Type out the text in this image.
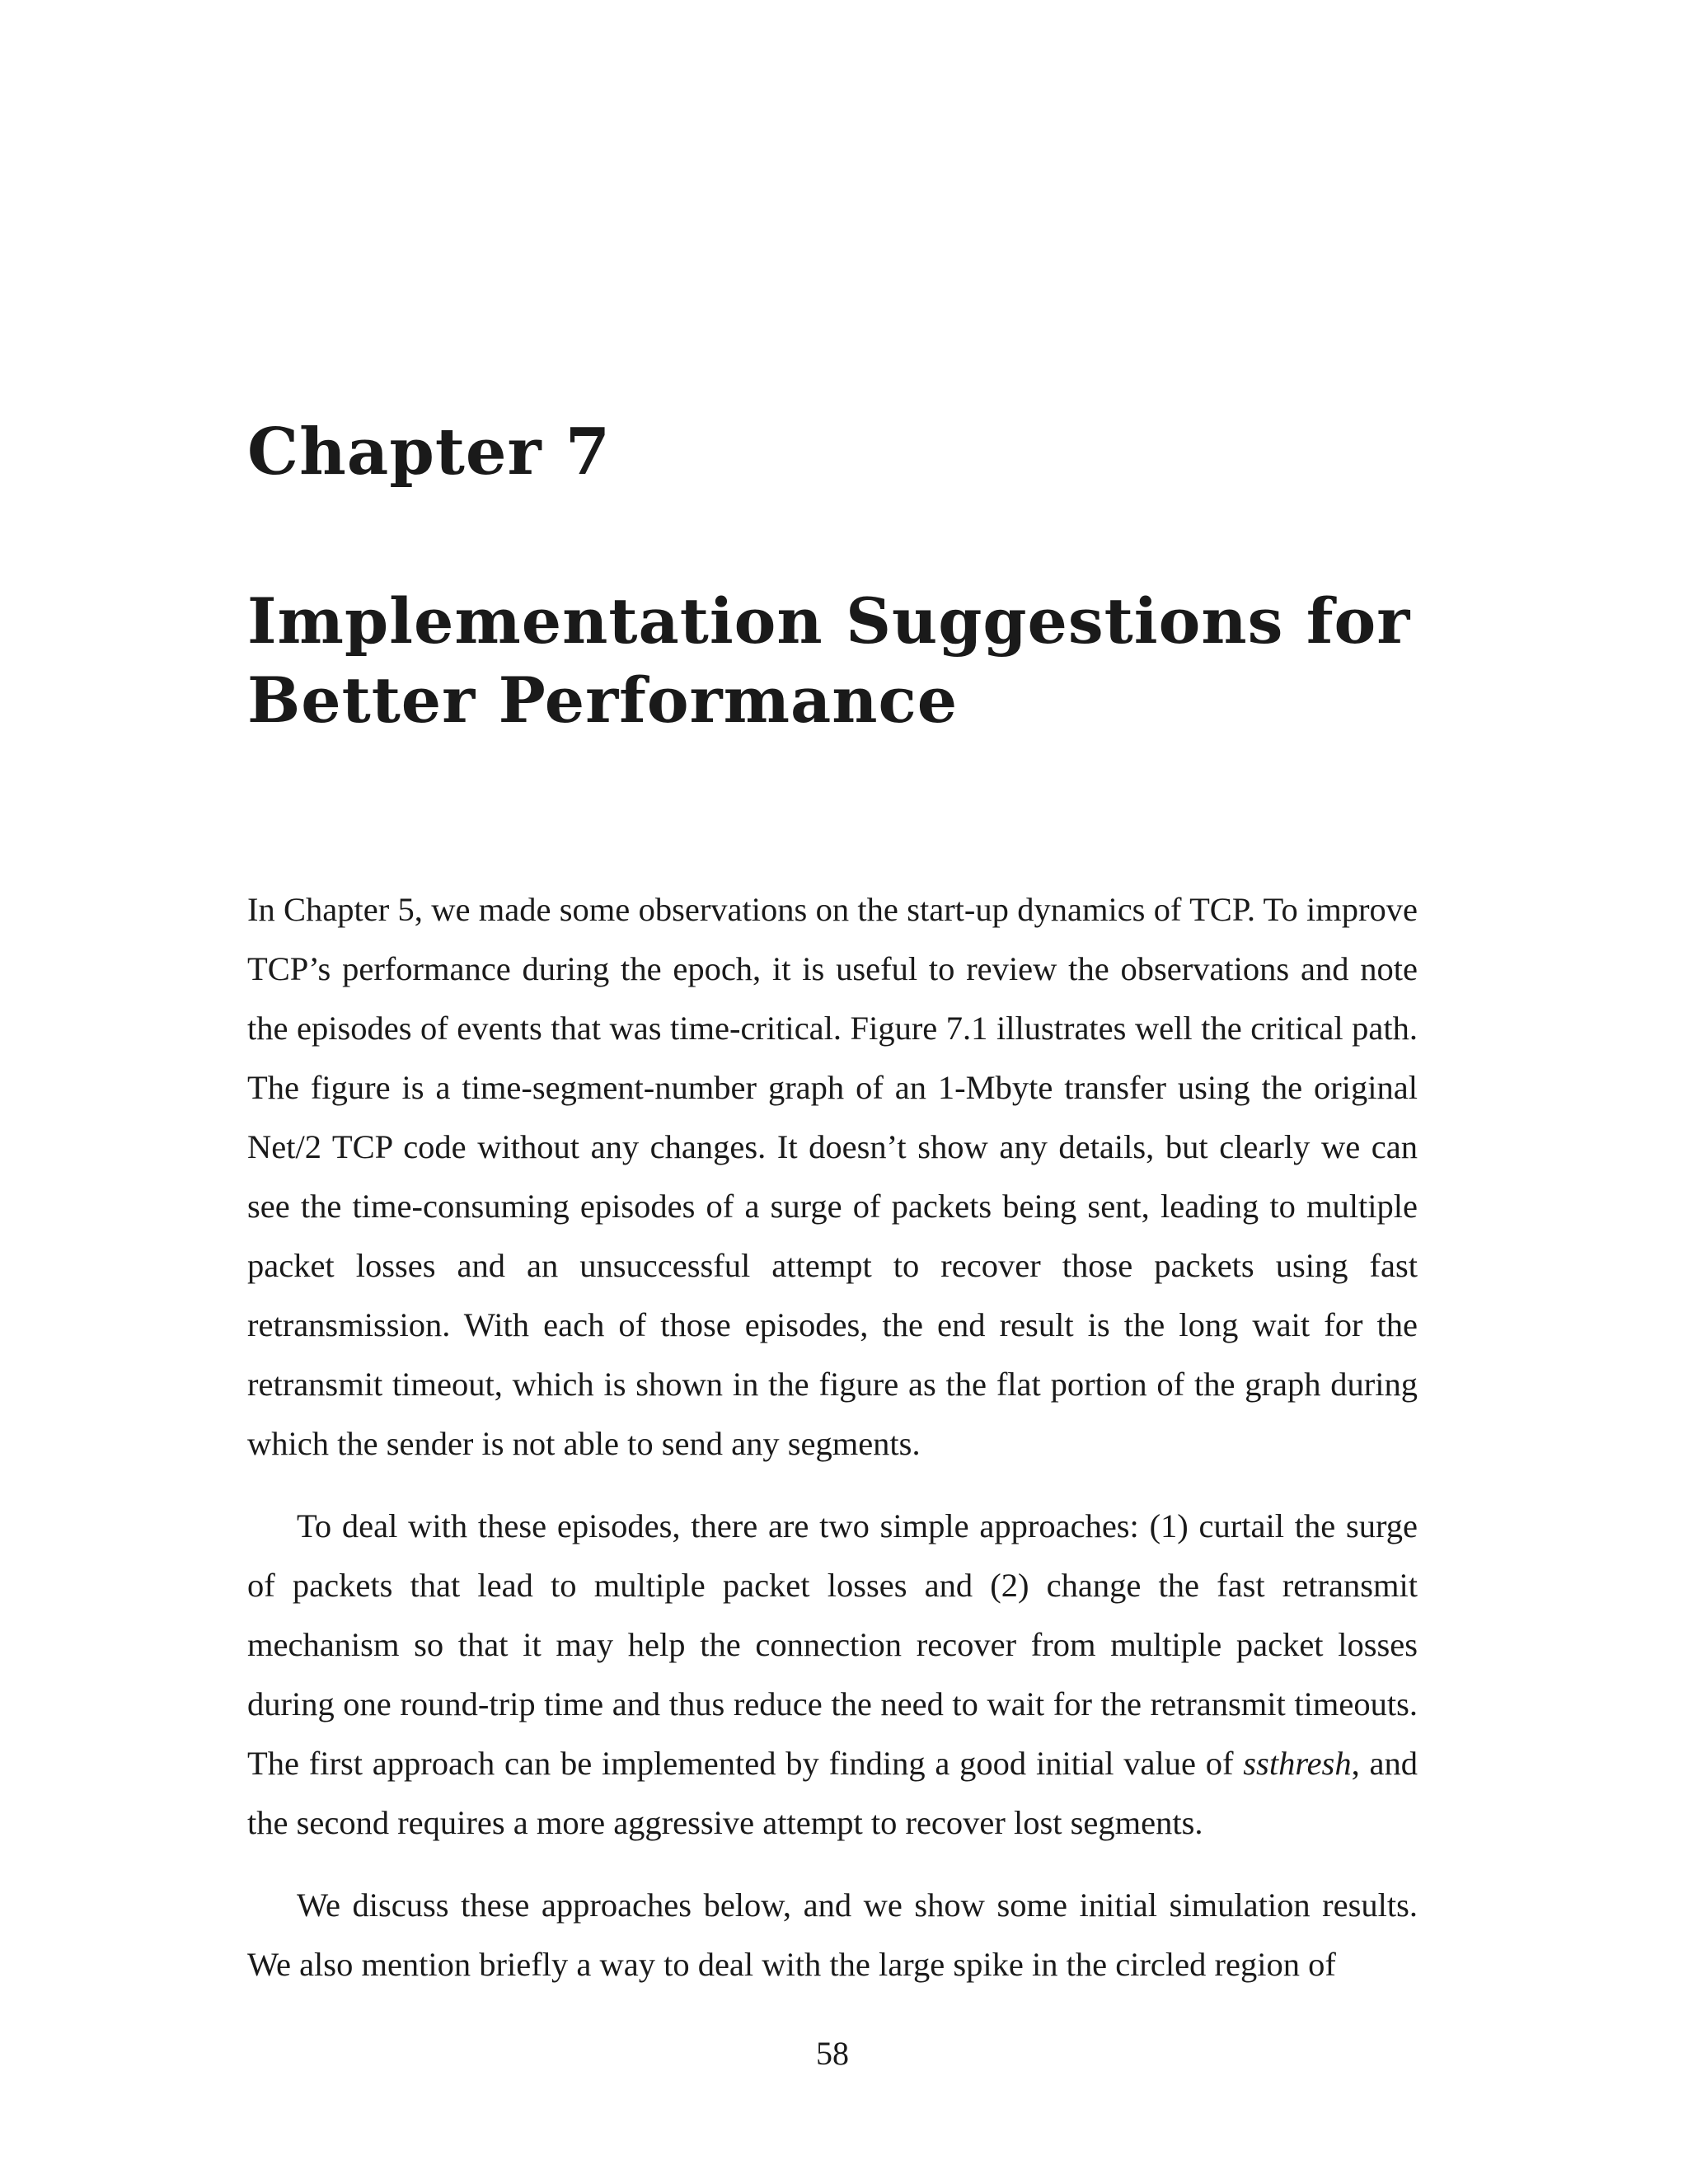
Chapter 7
Implementation Suggestions for Better Performance

In Chapter 5, we made some observations on the start-up dynamics of TCP. To improve TCP’s performance during the epoch, it is useful to review the observations and note the episodes of events that was time-critical. Figure 7.1 illustrates well the critical path. The figure is a time-segment-number graph of an 1-Mbyte transfer using the original Net/2 TCP code without any changes. It doesn’t show any details, but clearly we can see the time-consuming episodes of a surge of packets being sent, leading to multiple packet losses and an unsuccessful attempt to recover those packets using fast retransmission. With each of those episodes, the end result is the long wait for the retransmit timeout, which is shown in the figure as the flat portion of the graph during which the sender is not able to send any segments.

To deal with these episodes, there are two simple approaches: (1) curtail the surge of packets that lead to multiple packet losses and (2) change the fast retransmit mechanism so that it may help the connection recover from multiple packet losses during one round-trip time and thus reduce the need to wait for the retransmit timeouts. The first approach can be implemented by finding a good initial value of ssthresh, and the second requires a more aggressive attempt to recover lost segments.

We discuss these approaches below, and we show some initial simulation results. We also mention briefly a way to deal with the large spike in the circled region of

58
